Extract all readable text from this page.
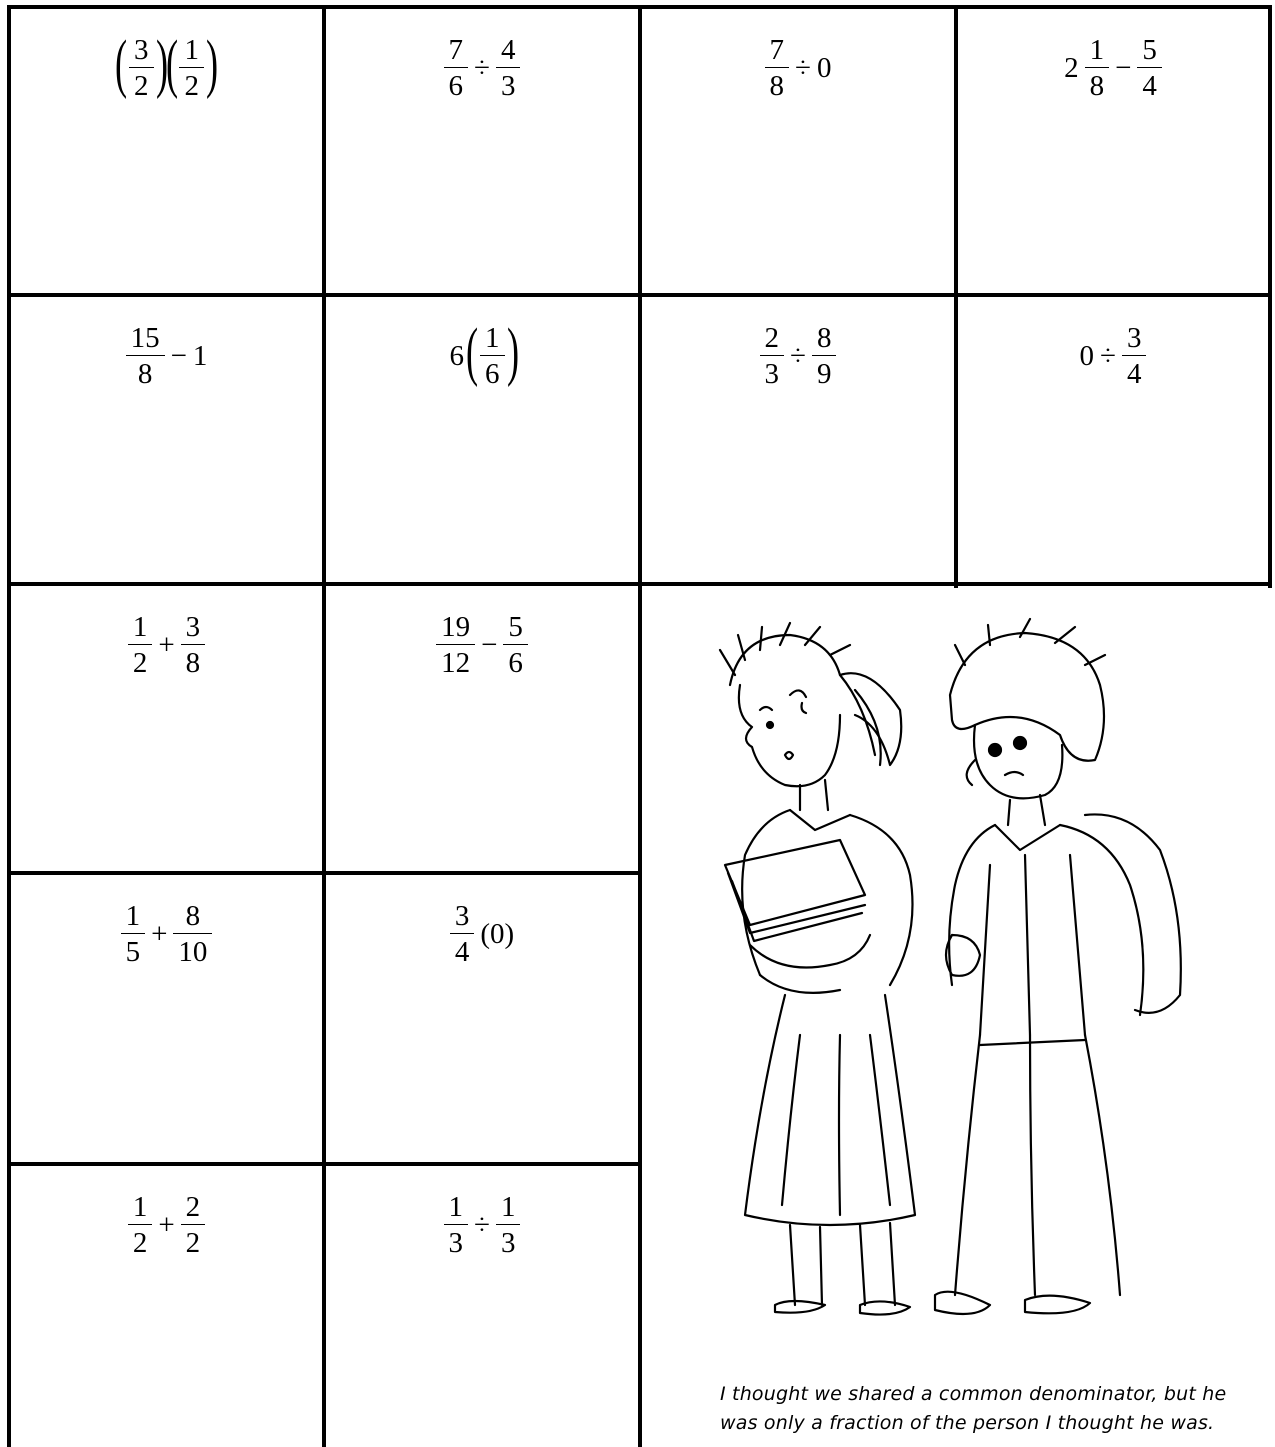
( $\frac{3}{2}$ )( $\frac{1}{2}$ )	$\frac{7}{6} \div \frac{4}{3}$	$\frac{7}{8} \div 0$	$2 \frac{1}{8} - \frac{5}{4}$
$\frac{15}{8} - 1$	$6( \frac{1}{6}$ )	$\frac{2}{3} \div \frac{8}{9}$	$0 \div \frac{3}{4}$
$\frac{1}{2} + \frac{3}{8}$	$\frac{19}{12} - \frac{5}{6}$
$\frac{1}{5} + \frac{8}{10}$	$\frac{3}{4} (0)$
$\frac{1}{2} + \frac{2}{2}$	$\frac{1}{3} \div \frac{1}{3}$
I thought we shared a common denominator, but he
was only a fraction of the person I thought he was.
